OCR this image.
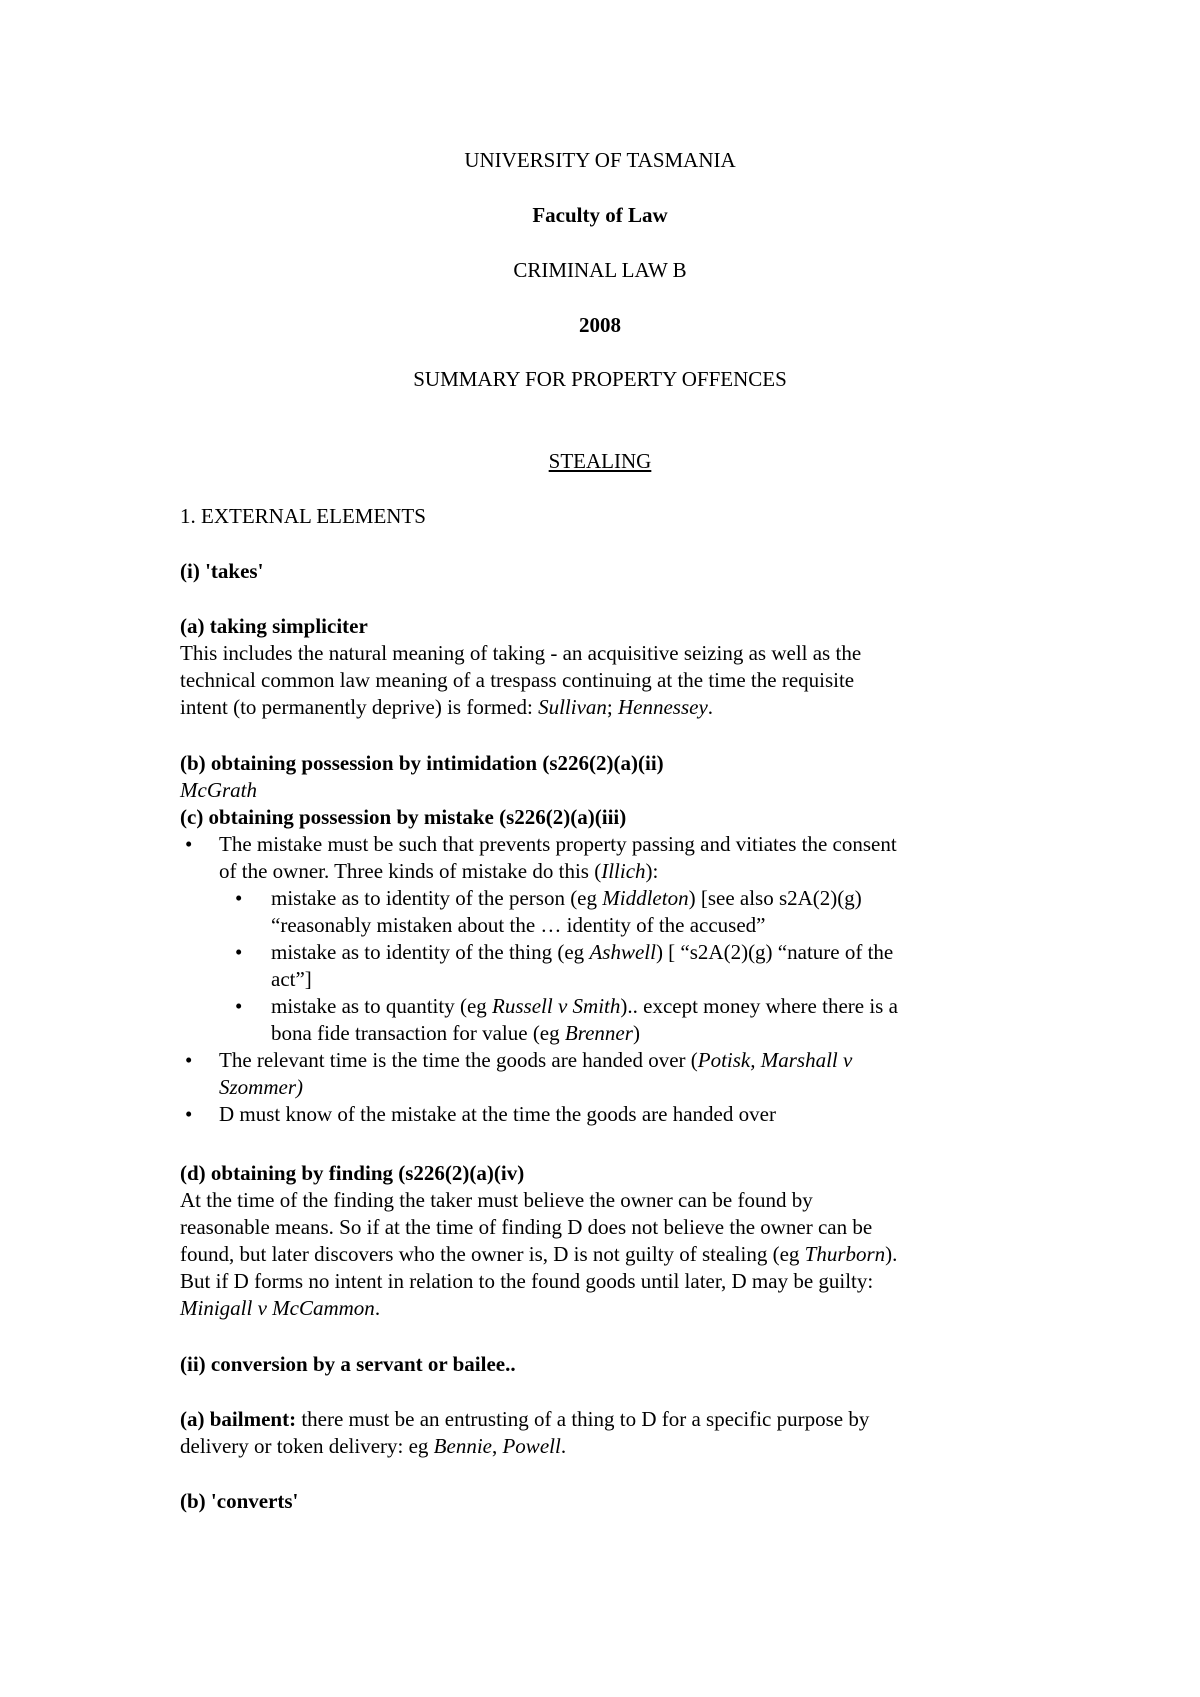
UNIVERSITY OF TASMANIA
Faculty of Law
CRIMINAL LAW B
2008
SUMMARY FOR PROPERTY OFFENCES
STEALING
1. EXTERNAL ELEMENTS
(i) 'takes'
(a) taking simpliciter
This includes the natural meaning of taking - an acquisitive seizing as well as the
technical common law meaning of a trespass continuing at the time the requisite
intent (to permanently deprive) is formed: Sullivan; Hennessey.
(b) obtaining possession by intimidation (s226(2)(a)(ii)
McGrath
(c) obtaining possession by mistake (s226(2)(a)(iii)
• The mistake must be such that prevents property passing and vitiates the consent
of the owner. Three kinds of mistake do this (Illich):
• mistake as to identity of the person (eg Middleton) [see also s2A(2)(g)
“reasonably mistaken about the … identity of the accused”
• mistake as to identity of the thing (eg Ashwell) [ “s2A(2)(g) “nature of the
act”]
• mistake as to quantity (eg Russell v Smith).. except money where there is a
bona fide transaction for value (eg Brenner)
• The relevant time is the time the goods are handed over (Potisk, Marshall v
Szommer)
• D must know of the mistake at the time the goods are handed over
(d) obtaining by finding (s226(2)(a)(iv)
At the time of the finding the taker must believe the owner can be found by
reasonable means. So if at the time of finding D does not believe the owner can be
found, but later discovers who the owner is, D is not guilty of stealing (eg Thurborn).
But if D forms no intent in relation to the found goods until later, D may be guilty:
Minigall v McCammon.
(ii) conversion by a servant or bailee..
(a) bailment: there must be an entrusting of a thing to D for a specific purpose by
delivery or token delivery: eg Bennie, Powell.
(b) 'converts'
